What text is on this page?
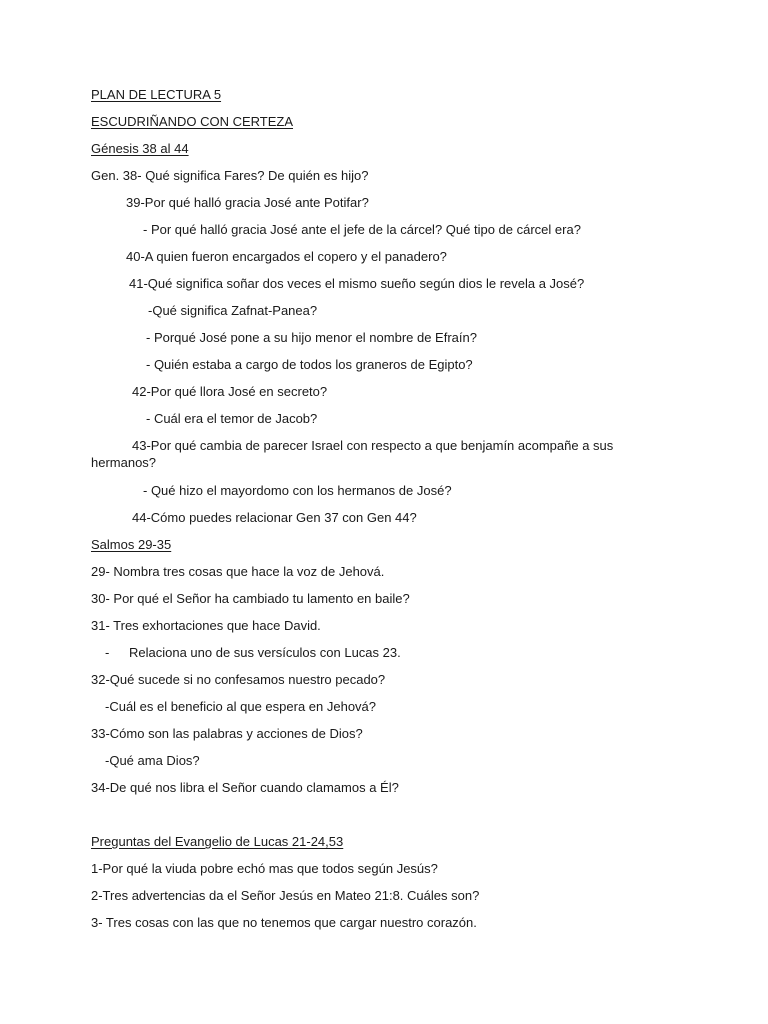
PLAN DE LECTURA 5
ESCUDRIÑANDO CON CERTEZA
Génesis 38 al 44
Gen. 38- Qué significa Fares? De quién es hijo?
39-Por qué halló gracia José ante Potifar?
- Por qué halló gracia José ante el jefe de la cárcel? Qué tipo de cárcel era?
40-A quien fueron encargados el copero y el panadero?
41-Qué significa soñar dos veces el mismo sueño según dios le revela a José?
-Qué significa Zafnat-Panea?
- Porqué José pone a su hijo menor el nombre de Efraín?
- Quién estaba a cargo de todos los graneros de Egipto?
42-Por qué llora José en secreto?
- Cuál era el temor de Jacob?
43-Por qué cambia de parecer Israel con respecto a que benjamín acompañe a sus
hermanos?
- Qué hizo el mayordomo con los hermanos de José?
44-Cómo puedes relacionar Gen 37 con Gen 44?
Salmos 29-35
29- Nombra tres cosas que hace la voz de Jehová.
30- Por qué el Señor ha cambiado tu lamento en baile?
31- Tres exhortaciones que hace David.
- Relaciona uno de sus versículos con Lucas 23.
32-Qué sucede si no confesamos nuestro pecado?
-Cuál es el beneficio al que espera en Jehová?
33-Cómo son las palabras y acciones de Dios?
-Qué ama Dios?
34-De qué nos libra el Señor cuando clamamos a Él?
Preguntas del Evangelio de Lucas 21-24,53
1-Por qué la viuda pobre echó mas que todos según Jesús?
2-Tres advertencias da el Señor Jesús en Mateo 21:8. Cuáles son?
3- Tres cosas con las que no tenemos que cargar nuestro corazón.
